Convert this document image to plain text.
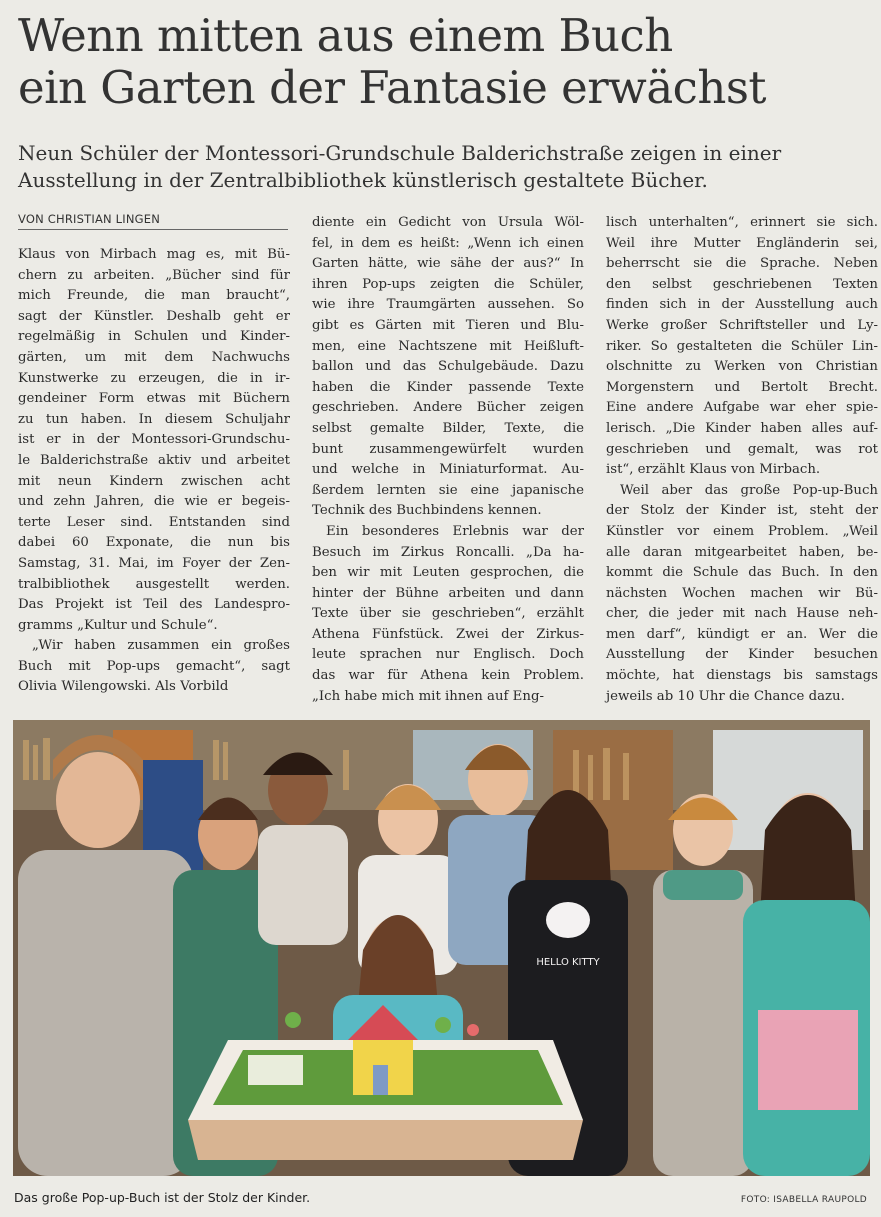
Wenn mitten aus einem Buch
ein Garten der Fantasie erwächst
Neun Schüler der Montessori-Grundschule Balderichstraße zeigen in einer
Ausstellung in der Zentralbibliothek künstlerisch gestaltete Bücher.
VON CHRISTIAN LINGEN
Klaus von Mirbach mag es, mit Bü-
chern zu arbeiten. „Bücher sind für
mich Freunde, die man braucht“,
sagt der Künstler. Deshalb geht er
regelmäßig in Schulen und Kinder-
gärten, um mit dem Nachwuchs
Kunstwerke zu erzeugen, die in ir-
gendeiner Form etwas mit Büchern
zu tun haben. In diesem Schuljahr
ist er in der Montessori-Grundschu-
le Balderichstraße aktiv und arbeitet
mit neun Kindern zwischen acht
und zehn Jahren, die wie er begeis-
terte Leser sind. Entstanden sind
dabei 60 Exponate, die nun bis
Samstag, 31. Mai, im Foyer der Zen-
tralbibliothek ausgestellt werden.
Das Projekt ist Teil des Landespro-
gramms „Kultur und Schule“.
„Wir haben zusammen ein großes
Buch mit Pop-ups gemacht“, sagt
Olivia Wilengowski. Als Vorbild
diente ein Gedicht von Ursula Wöl-
fel, in dem es heißt: „Wenn ich einen
Garten hätte, wie sähe der aus?“ In
ihren Pop-ups zeigten die Schüler,
wie ihre Traumgärten aussehen. So
gibt es Gärten mit Tieren und Blu-
men, eine Nachtszene mit Heißluft-
ballon und das Schulgebäude. Dazu
haben die Kinder passende Texte
geschrieben. Andere Bücher zeigen
selbst gemalte Bilder, Texte, die
bunt zusammengewürfelt wurden
und welche in Miniaturformat. Au-
ßerdem lernten sie eine japanische
Technik des Buchbindens kennen.
Ein besonderes Erlebnis war der
Besuch im Zirkus Roncalli. „Da ha-
ben wir mit Leuten gesprochen, die
hinter der Bühne arbeiten und dann
Texte über sie geschrieben“, erzählt
Athena Fünfstück. Zwei der Zirkus-
leute sprachen nur Englisch. Doch
das war für Athena kein Problem.
„Ich habe mich mit ihnen auf Eng-
lisch unterhalten“, erinnert sie sich.
Weil ihre Mutter Engländerin sei,
beherrscht sie die Sprache. Neben
den selbst geschriebenen Texten
finden sich in der Ausstellung auch
Werke großer Schriftsteller und Ly-
riker. So gestalteten die Schüler Lin-
olschnitte zu Werken von Christian
Morgenstern und Bertolt Brecht.
Eine andere Aufgabe war eher spie-
lerisch. „Die Kinder haben alles auf-
geschrieben und gemalt, was rot
ist“, erzählt Klaus von Mirbach.
Weil aber das große Pop-up-Buch
der Stolz der Kinder ist, steht der
Künstler vor einem Problem. „Weil
alle daran mitgearbeitet haben, be-
kommt die Schule das Buch. In den
nächsten Wochen machen wir Bü-
cher, die jeder mit nach Hause neh-
men darf“, kündigt er an. Wer die
Ausstellung der Kinder besuchen
möchte, hat dienstags bis samstags
jeweils ab 10 Uhr die Chance dazu.
HELLO KITTY
Das große Pop-up-Buch ist der Stolz der Kinder.	FOTO: ISABELLA RAUPOLD
